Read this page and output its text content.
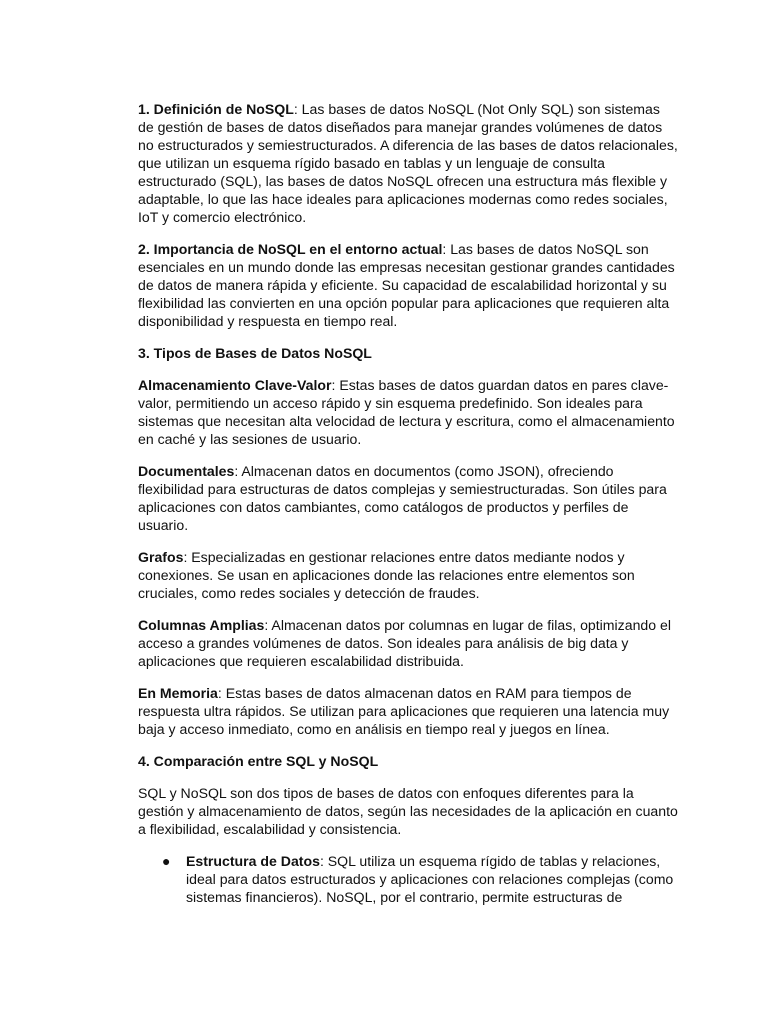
1. Definición de NoSQL: Las bases de datos NoSQL (Not Only SQL) son sistemas de gestión de bases de datos diseñados para manejar grandes volúmenes de datos no estructurados y semiestructurados. A diferencia de las bases de datos relacionales, que utilizan un esquema rígido basado en tablas y un lenguaje de consulta estructurado (SQL), las bases de datos NoSQL ofrecen una estructura más flexible y adaptable, lo que las hace ideales para aplicaciones modernas como redes sociales, IoT y comercio electrónico.

2. Importancia de NoSQL en el entorno actual: Las bases de datos NoSQL son esenciales en un mundo donde las empresas necesitan gestionar grandes cantidades de datos de manera rápida y eficiente. Su capacidad de escalabilidad horizontal y su flexibilidad las convierten en una opción popular para aplicaciones que requieren alta disponibilidad y respuesta en tiempo real.

3. Tipos de Bases de Datos NoSQL

Almacenamiento Clave-Valor: Estas bases de datos guardan datos en pares clave-valor, permitiendo un acceso rápido y sin esquema predefinido. Son ideales para sistemas que necesitan alta velocidad de lectura y escritura, como el almacenamiento en caché y las sesiones de usuario.

Documentales: Almacenan datos en documentos (como JSON), ofreciendo flexibilidad para estructuras de datos complejas y semiestructuradas. Son útiles para aplicaciones con datos cambiantes, como catálogos de productos y perfiles de usuario.

Grafos: Especializadas en gestionar relaciones entre datos mediante nodos y conexiones. Se usan en aplicaciones donde las relaciones entre elementos son cruciales, como redes sociales y detección de fraudes.

Columnas Amplias: Almacenan datos por columnas en lugar de filas, optimizando el acceso a grandes volúmenes de datos. Son ideales para análisis de big data y aplicaciones que requieren escalabilidad distribuida.

En Memoria: Estas bases de datos almacenan datos en RAM para tiempos de respuesta ultra rápidos. Se utilizan para aplicaciones que requieren una latencia muy baja y acceso inmediato, como en análisis en tiempo real y juegos en línea.

4. Comparación entre SQL y NoSQL

SQL y NoSQL son dos tipos de bases de datos con enfoques diferentes para la gestión y almacenamiento de datos, según las necesidades de la aplicación en cuanto a flexibilidad, escalabilidad y consistencia.

● Estructura de Datos: SQL utiliza un esquema rígido de tablas y relaciones, ideal para datos estructurados y aplicaciones con relaciones complejas (como sistemas financieros). NoSQL, por el contrario, permite estructuras de
